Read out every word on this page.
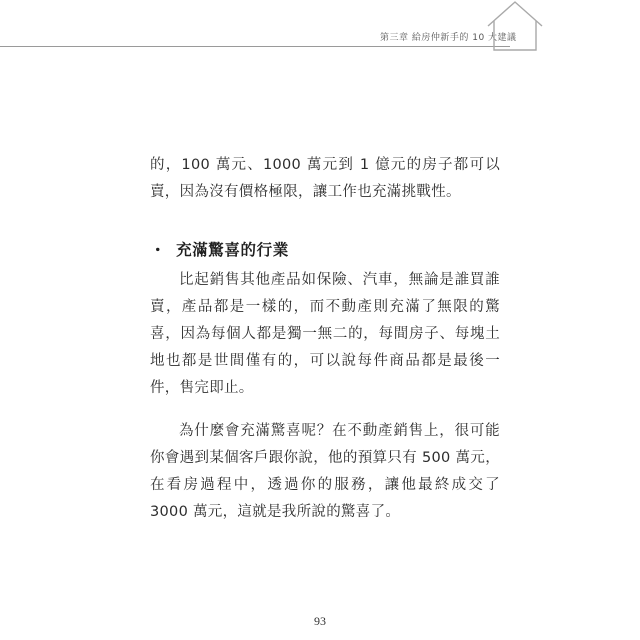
第三章 給房仲新手的 10 大建議

的，100 萬元、1000 萬元到 1 億元的房子都可以賣，因為沒有價格極限，讓工作也充滿挑戰性。

・ 充滿驚喜的行業

比起銷售其他產品如保險、汽車，無論是誰買誰賣，產品都是一樣的，而不動產則充滿了無限的驚喜，因為每個人都是獨一無二的，每間房子、每塊土地也都是世間僅有的，可以說每件商品都是最後一件，售完即止。

為什麼會充滿驚喜呢？在不動產銷售上，很可能你會遇到某個客戶跟你說，他的預算只有 500 萬元，在看房過程中，透過你的服務，讓他最終成交了 3000 萬元，這就是我所說的驚喜了。

93
